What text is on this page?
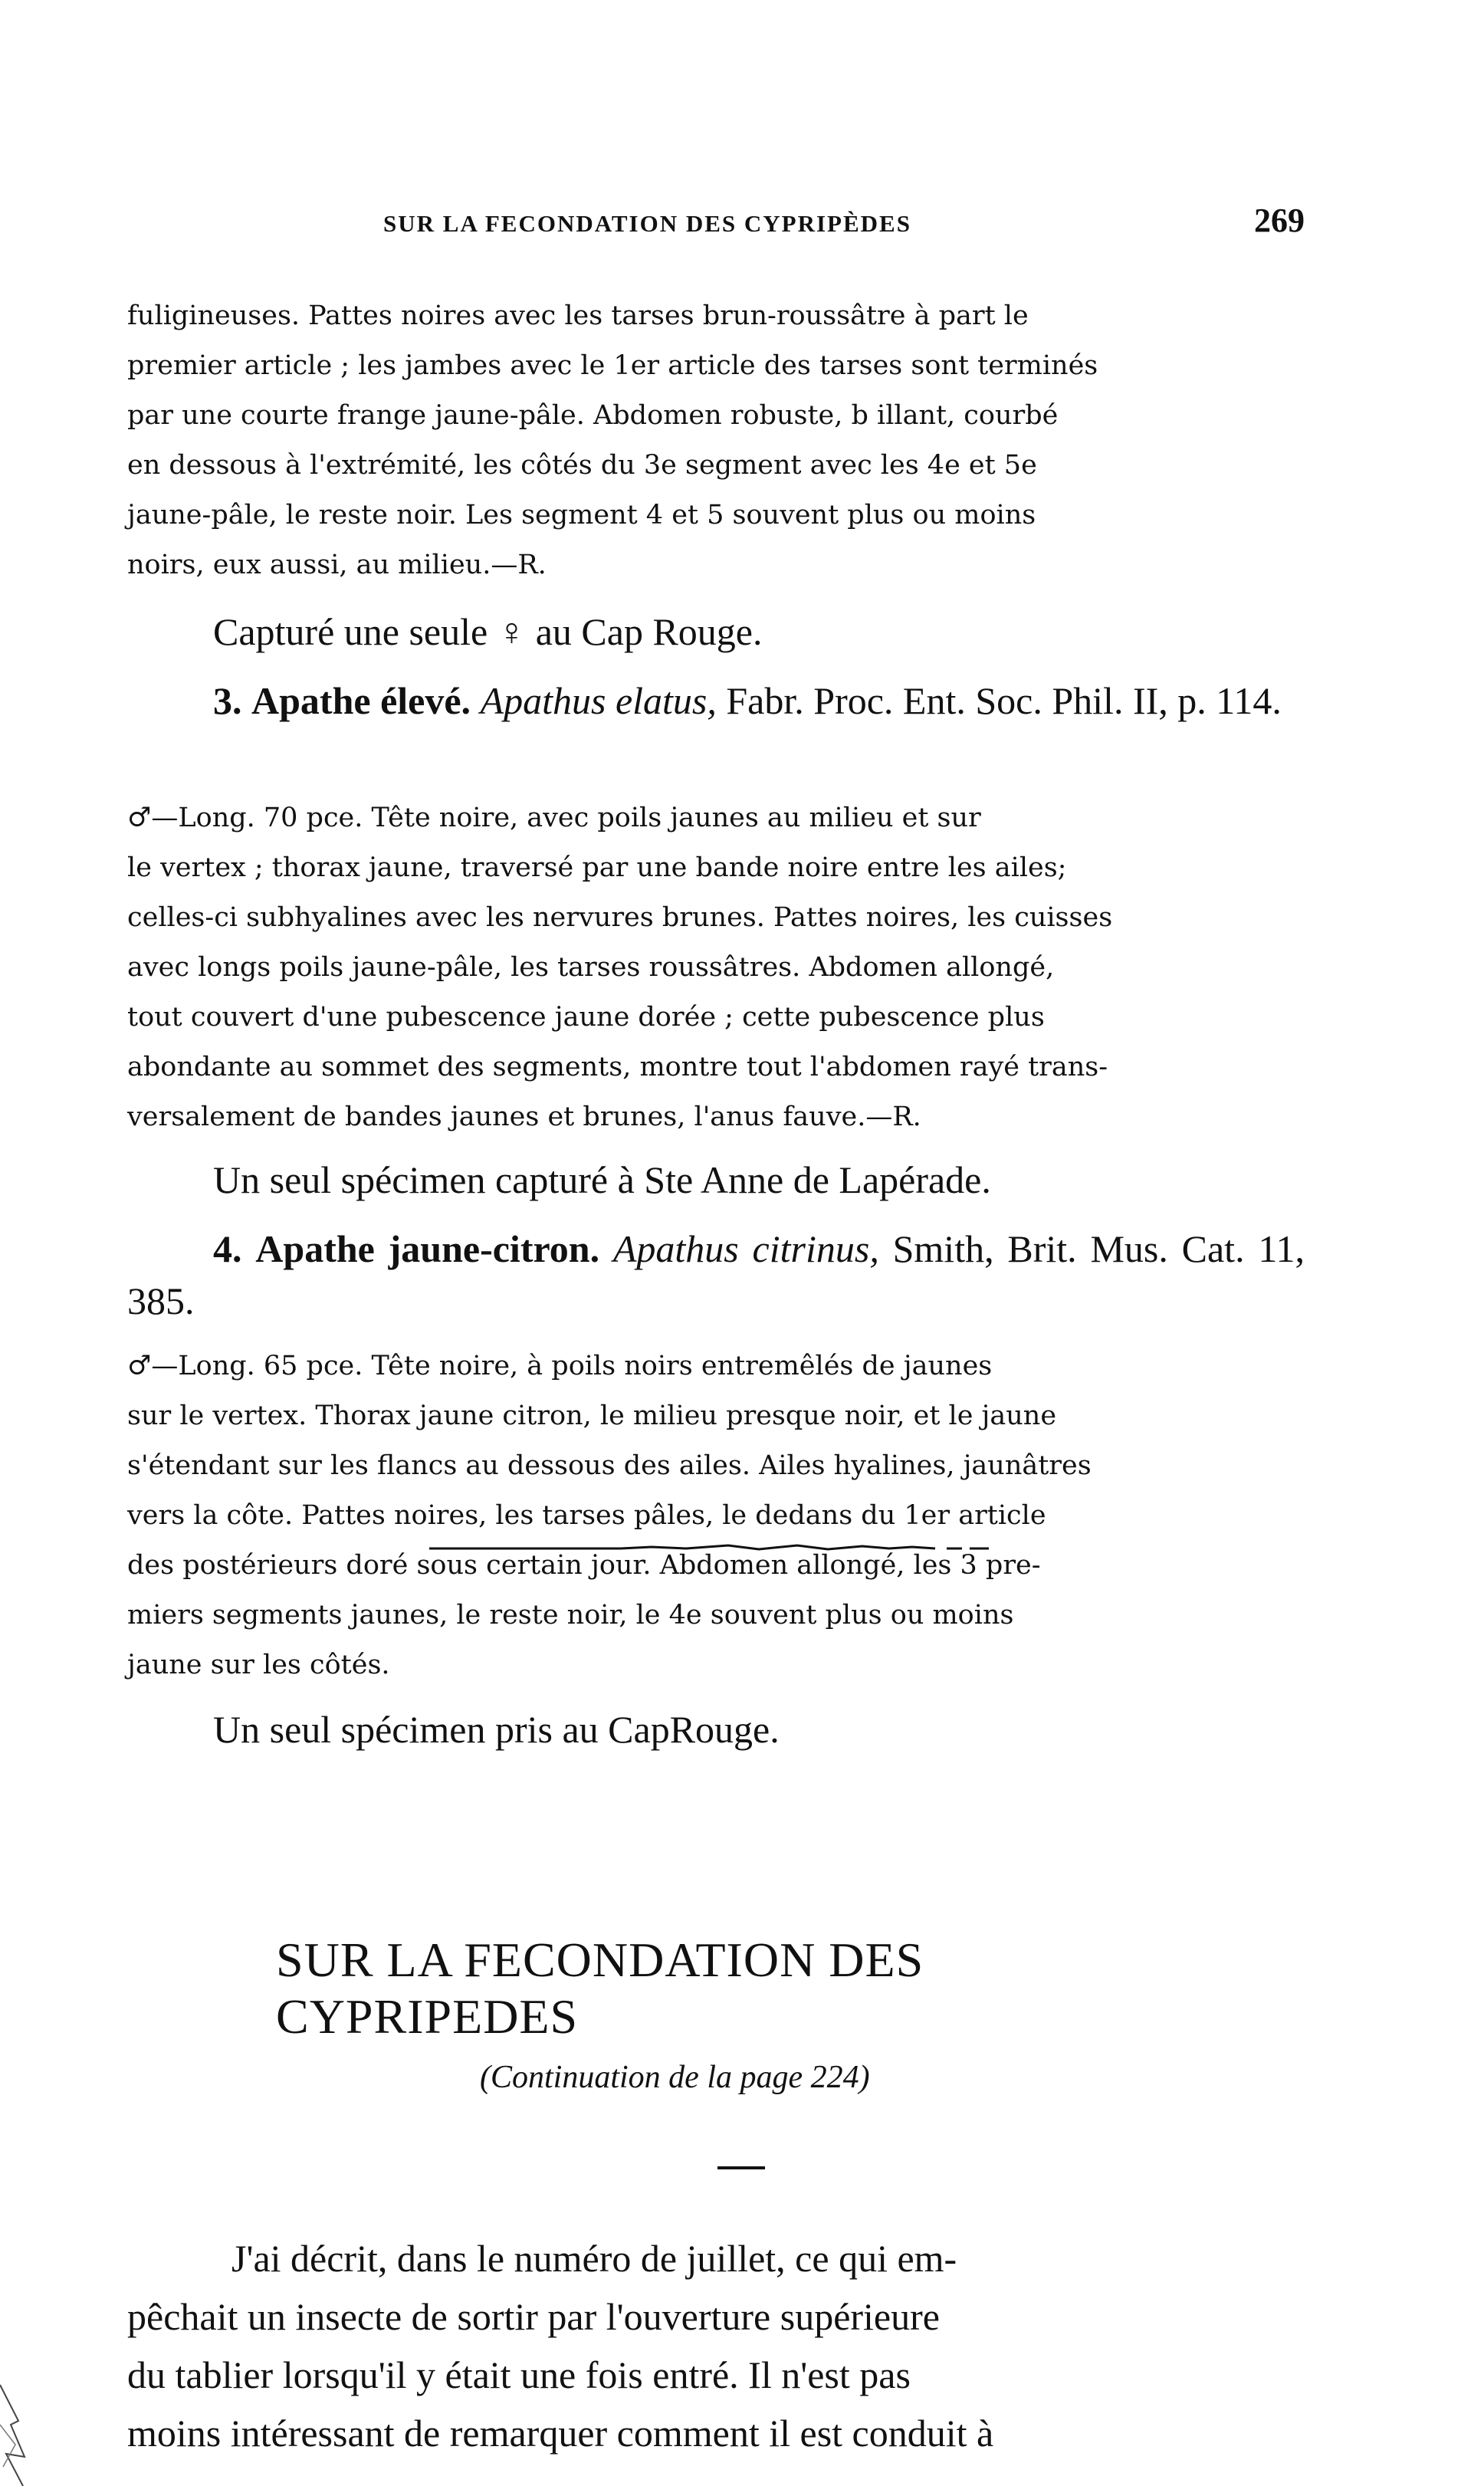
SUR LA FECONDATION DES CYPRIPÈDES	269
fuligineuses. Pattes noires avec les tarses brun-roussâtre à part le
premier article ; les jambes avec le 1er article des tarses sont terminés
par une courte frange jaune-pâle. Abdomen robuste, b illant, courbé
en dessous à l'extrémité, les côtés du 3e segment avec les 4e et 5e
jaune-pâle, le reste noir. Les segment 4 et 5 souvent plus ou moins
noirs, eux aussi, au milieu.—R.

Capturé une seule ♀ au Cap Rouge.

3. Apathe élevé. Apathus elatus, Fabr. Proc. Ent. Soc. Phil. II, p. 114.

♂—Long. 70 pce. Tête noire, avec poils jaunes au milieu et sur
le vertex ; thorax jaune, traversé par une bande noire entre les ailes;
celles-ci subhyalines avec les nervures brunes. Pattes noires, les cuisses
avec longs poils jaune-pâle, les tarses roussâtres. Abdomen allongé,
tout couvert d'une pubescence jaune dorée ; cette pubescence plus
abondante au sommet des segments, montre tout l'abdomen rayé trans-
versalement de bandes jaunes et brunes, l'anus fauve.—R.

Un seul spécimen capturé à Ste Anne de Lapérade.

4. Apathe jaune-citron. Apathus citrinus, Smith, Brit. Mus. Cat. 11, 385.

♂—Long. 65 pce. Tête noire, à poils noirs entremêlés de jaunes
sur le vertex. Thorax jaune citron, le milieu presque noir, et le jaune
s'étendant sur les flancs au dessous des ailes. Ailes hyalines, jaunâtres
vers la côte. Pattes noires, les tarses pâles, le dedans du 1er article
des postérieurs doré sous certain jour. Abdomen allongé, les 3 pre-
miers segments jaunes, le reste noir, le 4e souvent plus ou moins
jaune sur les côtés.

Un seul spécimen pris au CapRouge.

SUR LA FECONDATION DES CYPRIPEDES
(Continuation de la page 224)

J'ai décrit, dans le numéro de juillet, ce qui em-

pêchait un insecte de sortir par l'ouverture supérieure
du tablier lorsqu'il y était une fois entré. Il n'est pas
moins intéressant de remarquer comment il est conduit à
